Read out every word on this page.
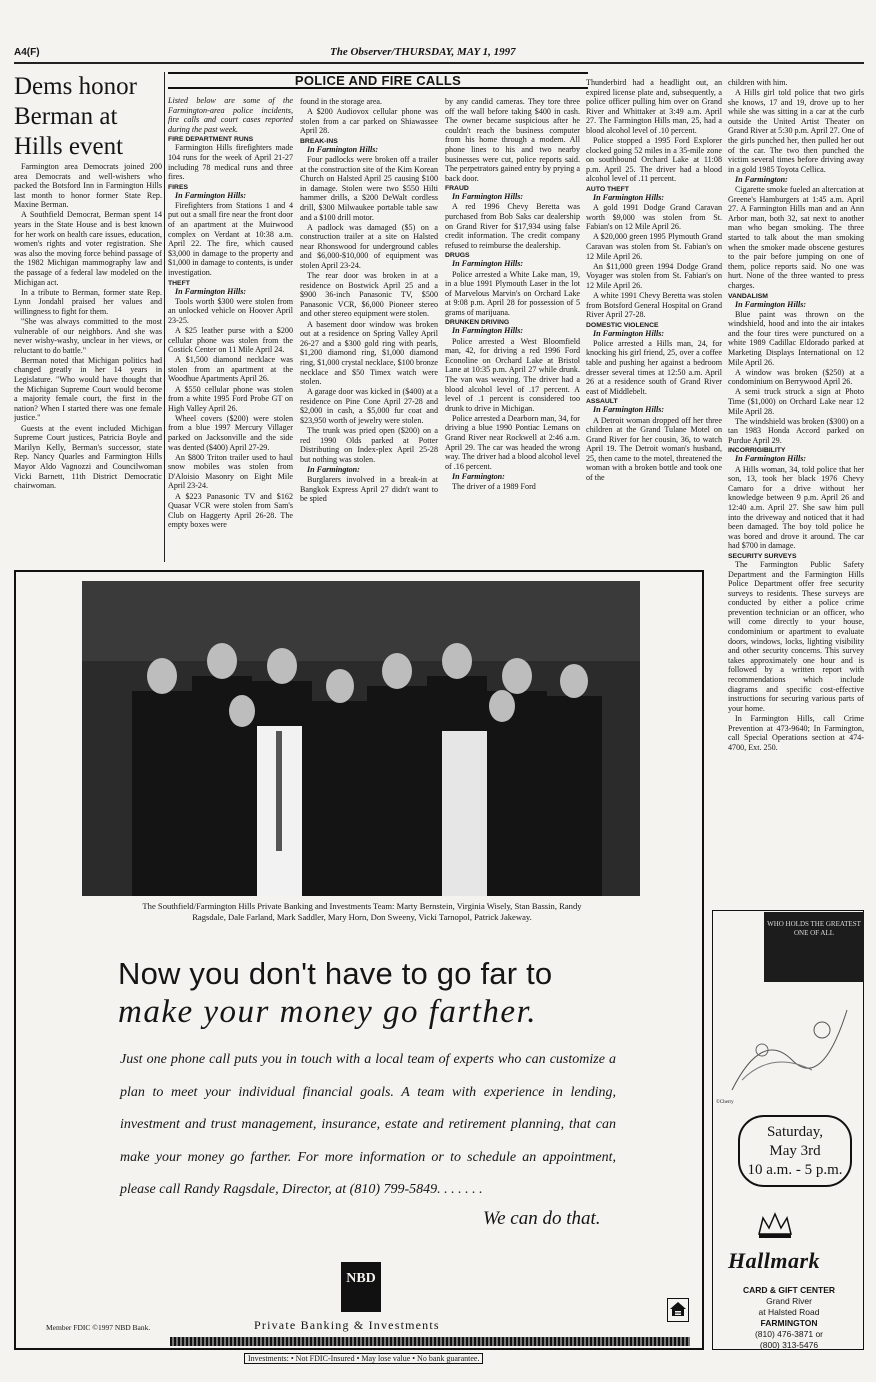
A4(F)	The Observer/THURSDAY, MAY 1, 1997
Dems honor Berman at Hills event

Farmington area Democrats joined 200 area Democrats and well-wishers who packed the Botsford Inn in Farmington Hills last month to honor former State Rep. Maxine Berman.

A Southfield Democrat, Berman spent 14 years in the State House and is best known for her work on health care issues, education, women's rights and voter registration. She was also the moving force behind passage of the 1982 Michigan mammography law and the passage of a federal law modeled on the Michigan act.

In a tribute to Berman, former state Rep. Lynn Jondahl praised her values and willingness to fight for them.

"She was always committed to the most vulnerable of our neighbors. And she was never wishy-washy, unclear in her views, or reluctant to do battle."

Berman noted that Michigan politics had changed greatly in her 14 years in Legislature. "Who would have thought that the Michigan Supreme Court would become a majority female court, the first in the nation? When I started there was one female justice."

Guests at the event included Michigan Supreme Court justices, Patricia Boyle and Marilyn Kelly, Berman's successor, state Rep. Nancy Quarles and Farmington Hills Mayor Aldo Vagnozzi and Councilwoman Vicki Barnett, 11th District Democratic chairwoman.

POLICE AND FIRE CALLS
Listed below are some of the Farmington-area police incidents, fire calls and court cases reported during the past week.
FIRE DEPARTMENT RUNS

Farmington Hills firefighters made 104 runs for the week of April 21-27 including 78 medical runs and three fires.

FIRES

In Farmington Hills:

Firefighters from Stations 1 and 4 put out a small fire near the front door of an apartment at the Muirwood complex on Verdant at 10:38 a.m. April 22. The fire, which caused $3,000 in damage to the property and $1,000 in damage to contents, is under investigation.

THEFT

In Farmington Hills:

Tools worth $300 were stolen from an unlocked vehicle on Hoover April 23-25.

A $25 leather purse with a $200 cellular phone was stolen from the Costick Center on 11 Mile April 24.

A $1,500 diamond necklace was stolen from an apartment at the Woodhue Apartments April 26.

A $550 cellular phone was stolen from a white 1995 Ford Probe GT on High Valley April 26.

Wheel covers ($200) were stolen from a blue 1997 Mercury Villager parked on Jacksonville and the side was dented ($400) April 27-29.

An $800 Triton trailer used to haul snow mobiles was stolen from D'Aloisio Masonry on Eight Mile April 23-24.

A $223 Panasonic TV and $162 Quasar VCR were stolen from Sam's Club on Haggerty April 26-28. The empty boxes were

found in the storage area.

A $200 Audiovox cellular phone was stolen from a car parked on Shiawassee April 28.

BREAK-INS

In Farmington Hills:

Four padlocks were broken off a trailer at the construction site of the Kim Korean Church on Halsted April 25 causing $100 in damage. Stolen were two $550 Hilti hammer drills, a $200 DeWalt cordless drill, $300 Milwaukee portable table saw and a $100 drill motor.

A padlock was damaged ($5) on a construction trailer at a site on Halsted near Rhonswood for underground cables and $6,000-$10,000 of equipment was stolen April 23-24.

The rear door was broken in at a residence on Bostwick April 25 and a $900 36-inch Panasonic TV, $500 Panasonic VCR, $6,000 Pioneer stereo and other stereo equipment were stolen.

A basement door window was broken out at a residence on Spring Valley April 26-27 and a $300 gold ring with pearls, $1,200 diamond ring, $1,000 diamond ring, $1,000 crystal necklace, $100 bronze necklace and $50 Timex watch were stolen.

A garage door was kicked in ($400) at a residence on Pine Cone April 27-28 and $2,000 in cash, a $5,000 fur coat and $23,950 worth of jewelry were stolen.

The trunk was pried open ($200) on a red 1990 Olds parked at Potter Distributing on Index-plex April 25-28 but nothing was stolen.

In Farmington:

Burglarers involved in a break-in at Bangkok Express April 27 didn't want to be spied

by any candid cameras. They tore three off the wall before taking $400 in cash. The owner became suspicious after he couldn't reach the business computer from his home through a modem. All phone lines to his and two nearby businesses were cut, police reports said. The perpetrators gained entry by prying a back door.

FRAUD

In Farmington Hills:

A red 1996 Chevy Beretta was purchased from Bob Saks car dealership on Grand River for $17,934 using false credit information. The credit company refused to reimburse the dealership.

DRUGS

In Farmington Hills:

Police arrested a White Lake man, 19, in a blue 1991 Plymouth Laser in the lot of Marvelous Marvin's on Orchard Lake at 9:08 p.m. April 28 for possession of 5 grams of marijuana.

DRUNKEN DRIVING

In Farmington Hills:

Police arrested a West Bloomfield man, 42, for driving a red 1996 Ford Econoline on Orchard Lake at Bristol Lane at 10:35 p.m. April 27 while drunk. The van was weaving. The driver had a blood alcohol level of .17 percent. A level of .1 percent is considered too drunk to drive in Michigan.

Police arrested a Dearborn man, 34, for driving a blue 1990 Pontiac Lemans on Grand River near Rockwell at 2:46 a.m. April 29. The car was headed the wrong way. The driver had a blood alcohol level of .16 percent.

In Farmington:

The driver of a 1989 Ford

Thunderbird had a headlight out, an expired license plate and, subsequently, a police officer pulling him over on Grand River and Whittaker at 3:49 a.m. April 27. The Farmington Hills man, 25, had a blood alcohol level of .10 percent.

Police stopped a 1995 Ford Explorer clocked going 52 miles in a 35-mile zone on southbound Orchard Lake at 11:08 p.m. April 25. The driver had a blood alcohol level of .11 percent.

AUTO THEFT

In Farmington Hills:

A gold 1991 Dodge Grand Caravan worth $9,000 was stolen from St. Fabian's on 12 Mile April 26.

A $20,000 green 1995 Plymouth Grand Caravan was stolen from St. Fabian's on 12 Mile April 26.

An $11,000 green 1994 Dodge Grand Voyager was stolen from St. Fabian's on 12 Mile April 26.

A white 1991 Chevy Beretta was stolen from Botsford General Hospital on Grand River April 27-28.

DOMESTIC VIOLENCE

In Farmington Hills:

Police arrested a Hills man, 24, for knocking his girl friend, 25, over a coffee table and pushing her against a bedroom dresser several times at 12:50 a.m. April 26 at a residence south of Grand River east of Middlebelt.

ASSAULT

In Farmington Hills:

A Detroit woman dropped off her three children at the Grand Tulane Motel on Grand River for her cousin, 36, to watch April 19. The Detroit woman's husband, 25, then came to the motel, threatened the woman with a broken bottle and took one of the

children with him.

A Hills girl told police that two girls she knows, 17 and 19, drove up to her while she was sitting in a car at the curb outside the United Artist Theater on Grand River at 5:30 p.m. April 27. One of the girls punched her, then pulled her out of the car. The two then punched the victim several times before driving away in a gold 1985 Toyota Cellica.

In Farmington:

Cigarette smoke fueled an altercation at Greene's Hamburgers at 1:45 a.m. April 27. A Farmington Hills man and an Ann Arbor man, both 32, sat next to another man who began smoking. The three started to talk about the man smoking when the smoker made obscene gestures to the pair before jumping on one of them, police reports said. No one was hurt. None of the three wanted to press charges.

VANDALISM

In Farmington Hills:

Blue paint was thrown on the windshield, hood and into the air intakes and the four tires were punctured on a white 1989 Cadillac Eldorado parked at Marketing Displays International on 12 Mile April 26.

A window was broken ($250) at a condominium on Berrywood April 26.

A semi truck struck a sign at Photo Time ($1,000) on Orchard Lake near 12 Mile April 28.

The windshield was broken ($300) on a tan 1983 Honda Accord parked on Purdue April 29.

INCORRIGIBILITY

In Farmington Hills:

A Hills woman, 34, told police that her son, 13, took her black 1976 Chevy Camaro for a drive without her knowledge between 9 p.m. April 26 and 12:40 a.m. April 27. She saw him pull into the driveway and noticed that it had been damaged. The boy told police he was bored and drove it around. The car had $700 in damage.

SECURITY SURVEYS

The Farmington Public Safety Department and the Farmington Hills Police Department offer free security surveys to residents. These surveys are conducted by either a police crime prevention technician or an officer, who will come directly to your house, condominium or apartment to evaluate doors, windows, locks, lighting visibility and other security concerns. This survey takes approximately one hour and is followed by a written report with recommendations which include diagrams and specific cost-effective instructions for securing various parts of your home.

In Farmington Hills, call Crime Prevention at 473-9640; In Farmington, call Special Operations section at 474-4700, Ext. 250.

The Southfield/Farmington Hills Private Banking and Investments Team: Marty Bernstein, Virginia Wisely, Stan Bassin, Randy Ragsdale, Dale Farland, Mark Saddler, Mary Horn, Don Sweeny, Vicki Tarnopol, Patrick Jakeway.
Now you don't have to go far to
make your money go farther.
Just one phone call puts you in touch with a local team of experts who can customize a plan to meet your individual financial goals. A team with experience in lending, investment and trust management, insurance, estate and retirement planning, that can make your money go farther. For more information or to schedule an appointment, please call Randy Ragsdale, Director, at (810) 799-5849. . . . . . .
We can do that.
NBD
Member FDIC ©1997 NBD Bank.	Private Banking & Investments
Investments: • Not FDIC-Insured • May lose value • No bank guarantee.
WHO HOLDS THE GREATEST ONE OF ALL
©Cherry
Saturday,
May 3rd
10 a.m. - 5 p.m.
Hallmark
CARD & GIFT CENTER
Grand River
at Halsted Road
FARMINGTON
(810) 476-3871 or
(800) 313-5476
